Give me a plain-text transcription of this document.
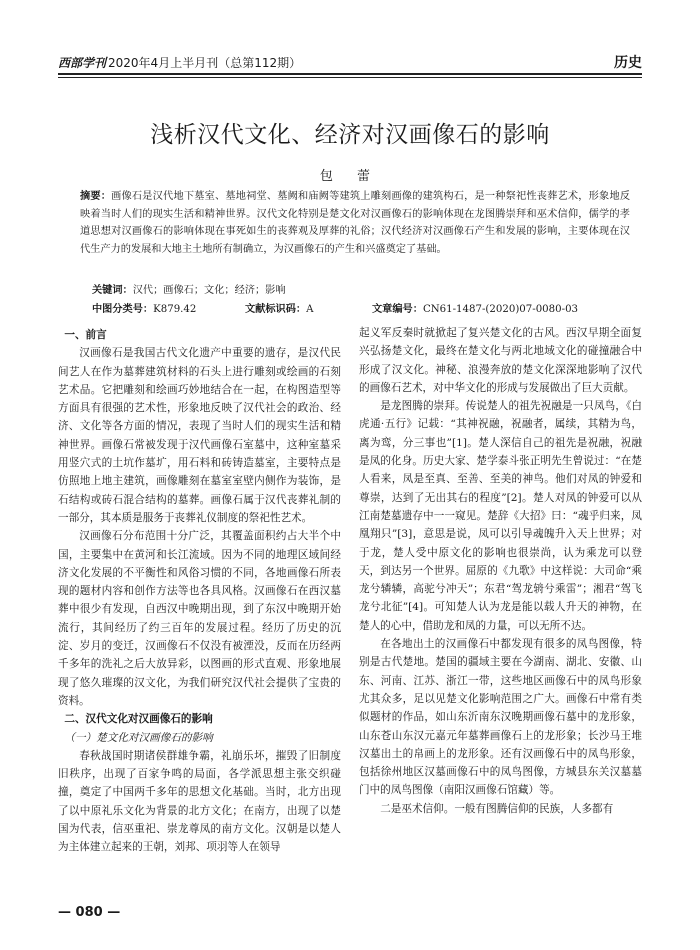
西部学刊 2020年4月上半月刊（总第112期）	历史
浅析汉代文化、经济对汉画像石的影响
包 蕾
摘要：画像石是汉代地下墓室、墓地祠堂、墓阙和庙阙等建筑上雕刻画像的建筑构石，是一种祭祀性丧葬艺术，形象地反映着当时人们的现实生活和精神世界。汉代文化特别是楚文化对汉画像石的影响体现在龙图腾崇拜和巫术信仰，儒学的孝道思想对汉画像石的影响体现在事死如生的丧葬观及厚葬的礼俗；汉代经济对汉画像石产生和发展的影响，主要体现在汉代生产力的发展和大地主土地所有制确立，为汉画像石的产生和兴盛奠定了基础。
关键词：汉代；画像石；文化；经济；影响
中图分类号：K879.42	文献标识码：A	文章编号：CN61-1487-(2020)07-0080-03
一、前言

汉画像石是我国古代文化遗产中重要的遗存，是汉代民间艺人在作为墓葬建筑材料的石头上进行雕刻或绘画的石刻艺术品。它把雕刻和绘画巧妙地结合在一起，在构图造型等方面具有很强的艺术性，形象地反映了汉代社会的政治、经济、文化等各方面的情况，表现了当时人们的现实生活和精神世界。画像石常被发现于汉代画像石室墓中，这种室墓采用竖穴式的土坑作墓圹，用石料和砖铸造墓室，主要特点是仿照地上地主建筑，画像雕刻在墓室室壁内侧作为装饰，是石结构或砖石混合结构的墓葬。画像石属于汉代丧葬礼制的一部分，其本质是服务于丧葬礼仪制度的祭祀性艺术。

汉画像石分布范围十分广泛，其覆盖面积约占大半个中国，主要集中在黄河和长江流域。因为不同的地理区域间经济文化发展的不平衡性和风俗习惯的不同，各地画像石所表现的题材内容和创作方法等也各具风格。汉画像石在西汉墓葬中很少有发现，自西汉中晚期出现，到了东汉中晚期开始流行，其间经历了约三百年的发展过程。经历了历史的沉淀、岁月的变迁，汉画像石不仅没有被湮没，反而在历经两千多年的洗礼之后大放异彩，以图画的形式直观、形象地展现了悠久璀璨的汉文化，为我们研究汉代社会提供了宝贵的资料。

二、汉代文化对汉画像石的影响
（一）楚文化对汉画像石的影响

春秋战国时期诸侯群雄争霸，礼崩乐坏，摧毁了旧制度旧秩序，出现了百家争鸣的局面，各学派思想主张交织碰撞，奠定了中国两千多年的思想文化基础。当时，北方出现了以中原礼乐文化为背景的北方文化；在南方，出现了以楚国为代表，信巫重祀、崇龙尊凤的南方文化。汉朝是以楚人为主体建立起来的王朝，刘邦、项羽等人在领导

起义军反秦时就掀起了复兴楚文化的古风。西汉早期全面复兴弘扬楚文化，最终在楚文化与两北地域文化的碰撞融合中形成了汉文化。神秘、浪漫奔放的楚文化深深地影响了汉代的画像石艺术，对中华文化的形成与发展做出了巨大贡献。

是龙图腾的崇拜。传说楚人的祖先祝融是一只凤鸟，《白虎通·五行》记载：“其神祝融，祝融者，属续，其精为鸟，离为鸾，分三事也”[1]。楚人深信自己的祖先是祝融，祝融是凤的化身。历史大家、楚学泰斗张正明先生曾说过：“在楚人看来，凤是至真、至善、至美的神鸟。他们对凤的钟爱和尊崇，达到了无出其右的程度”[2]。楚人对凤的钟爱可以从江南楚墓遗存中一一窥见。楚辞《大招》曰：“魂乎归来，凤凰翔只”[3]，意思是说，凤可以引导魂魄升入天上世界；对于龙，楚人受中原文化的影响也很崇尚，认为乘龙可以登天，到达另一个世界。屈原的《九歌》中这样说：大司命“乘龙兮辚辚，高驼兮冲天”；东君“驾龙辀兮乘雷”；湘君“驾飞龙兮北征”[4]。可知楚人认为龙是能以载人升天的神物，在楚人的心中，借助龙和凤的力量，可以无所不达。

在各地出土的汉画像石中都发现有很多的凤鸟图像，特别是古代楚地。楚国的疆域主要在今湖南、湖北、安徽、山东、河南、江苏、浙江一带，这些地区画像石中的凤鸟形象尤其众多，足以见楚文化影响范围之广大。画像石中常有类似题材的作品，如山东沂南东汉晚期画像石墓中的龙形象，山东苍山东汉元嘉元年墓葬画像石上的龙形象；长沙马王堆汉墓出土的帛画上的龙形象。还有汉画像石中的凤鸟形象，包括徐州地区汉墓画像石中的凤鸟图像，方城县东关汉墓墓门中的凤鸟图像（南阳汉画像石馆藏）等。

二是巫术信仰。一般有图腾信仰的民族，人多都有

— 080 —
